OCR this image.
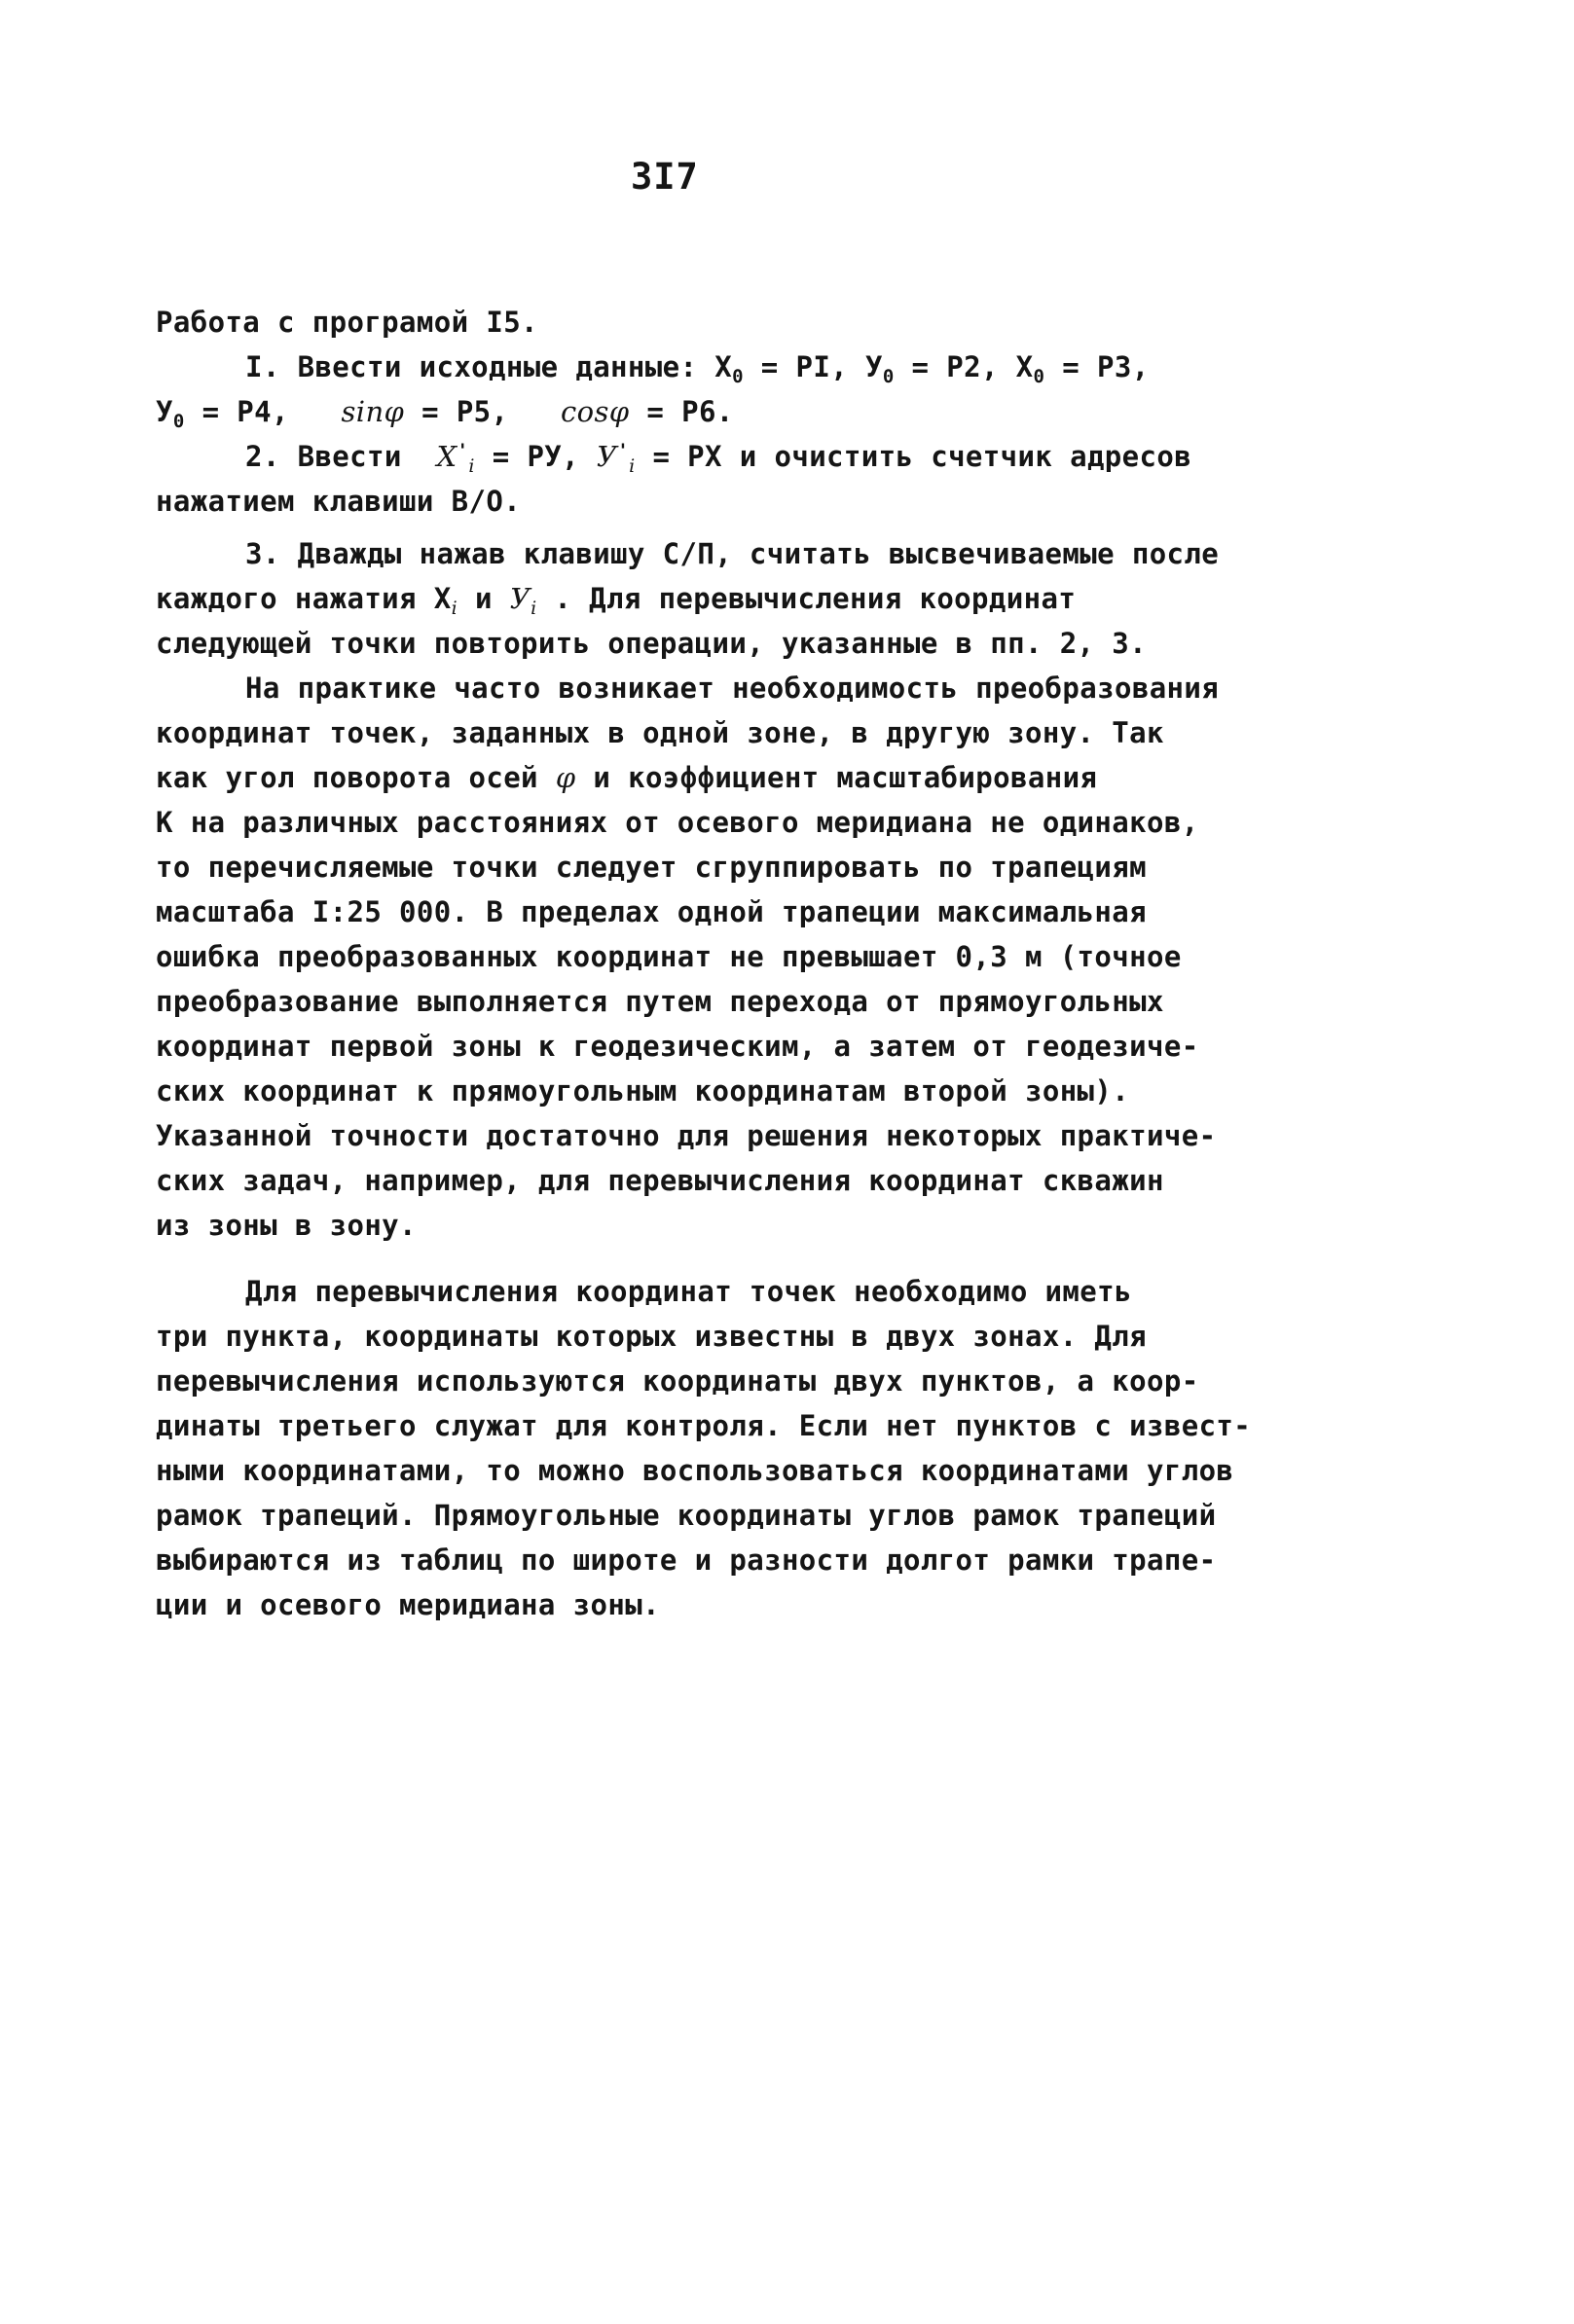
3I7
Работа с програмой I5.
I. Ввести исходные данные: $X_0$ = PI, $У_0 = P2$, $X_0 = P3$,
$У_0 = P4$, sinφ = P5, cosφ = P6.
2. Ввести $X'_i$ = PУ, $У'_i$ = PX и очистить счетчик адресов
нажатием клавиши В/О.
3. Дважды нажав клавишу С/П, считать высвечиваемые после
каждого нажатия $X_i$ и $У_i$ . Для перевычисления координат
следующей точки повторить операции, указанные в пп. 2, 3.
На практике часто возникает необходимость преобразования
координат точек, заданных в одной зоне, в другую зону. Так
как угол поворота осей φ и коэффициент масштабирования
К на различных расстояниях от осевого меридиана не одинаков,
то перечисляемые точки следует сгруппировать по трапециям
масштаба I:25 000. В пределах одной трапеции максимальная
ошибка преобразованных координат не превышает 0,3 м (точное
преобразование выполняется путем перехода от прямоугольных
координат первой зоны к геодезическим, а затем от геодезиче-
ских координат к прямоугольным координатам второй зоны).
Указанной точности достаточно для решения некоторых практиче-
ских задач, например, для перевычисления координат скважин
из зоны в зону.
Для перевычисления координат точек необходимо иметь
три пункта, координаты которых известны в двух зонах. Для
перевычисления используются координаты двух пунктов, а коор-
динаты третьего служат для контроля. Если нет пунктов с извест-
ными координатами, то можно воспользоваться координатами углов
рамок трапеций. Прямоугольные координаты углов рамок трапеций
выбираются из таблиц по широте и разности долгот рамки трапе-
ции и осевого меридиана зоны.
